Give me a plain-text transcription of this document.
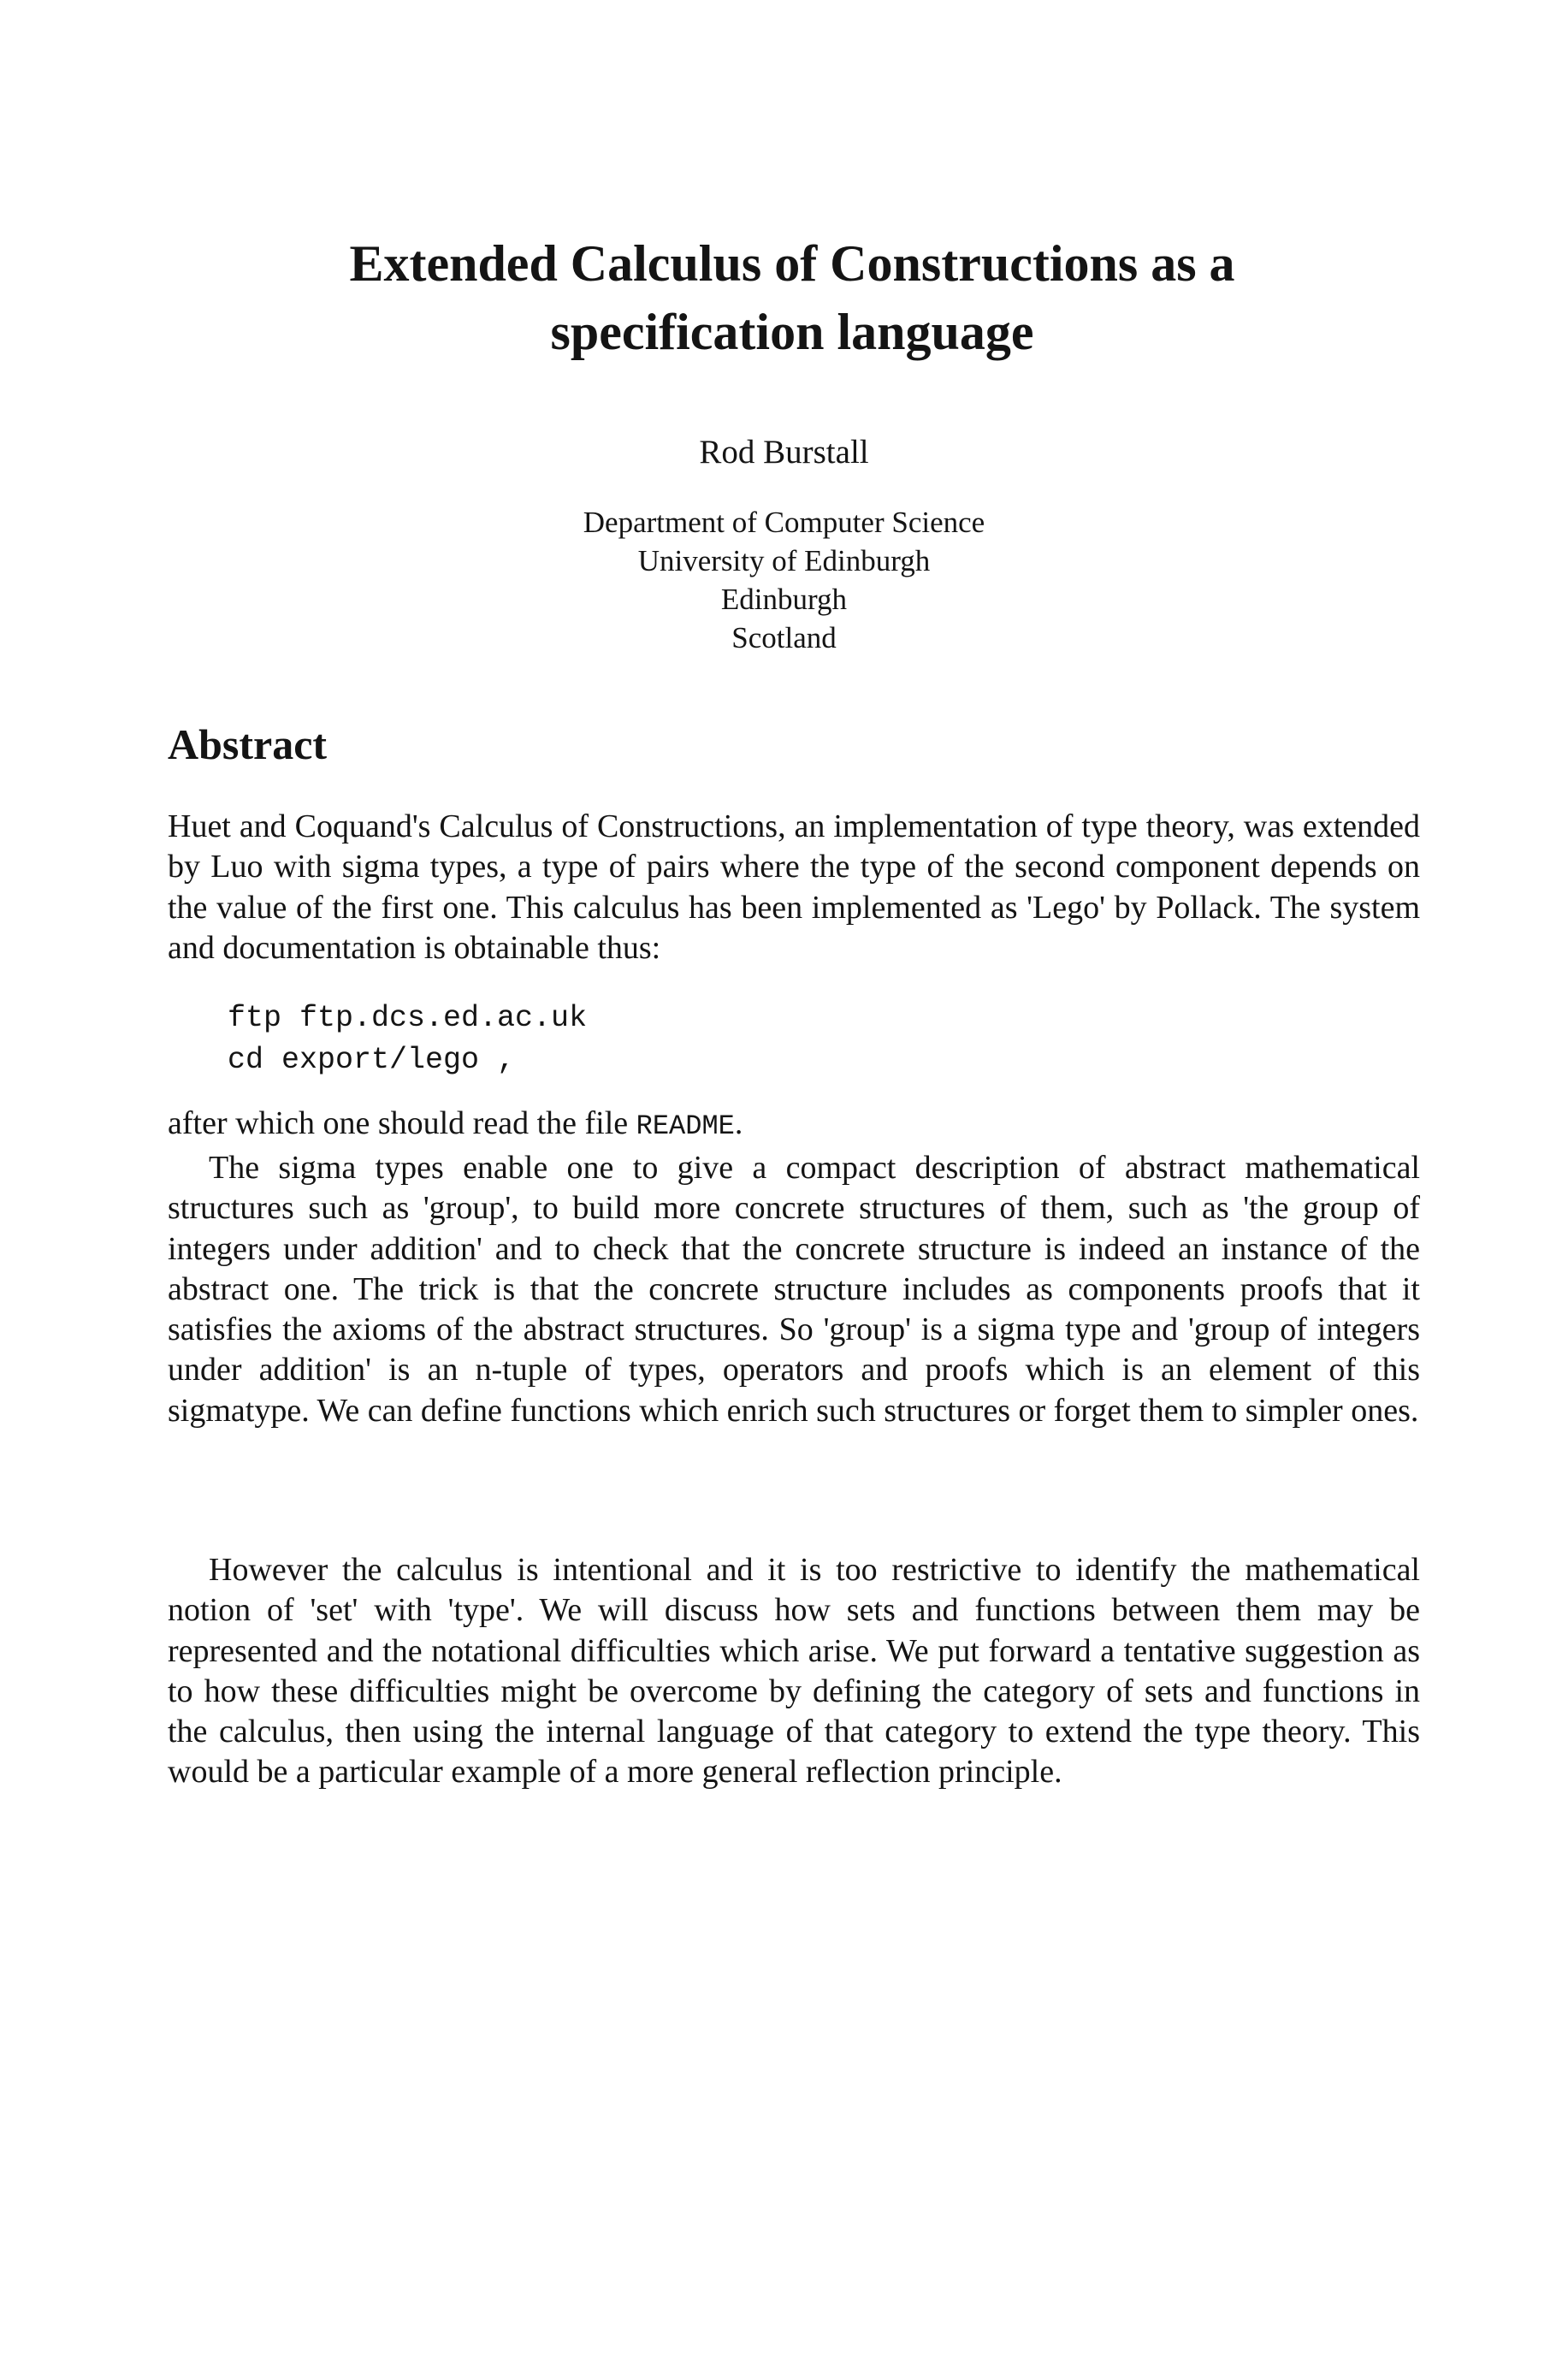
Extended Calculus of Constructions as a
specification language

Rod Burstall

Department of Computer Science
University of Edinburgh
Edinburgh
Scotland
Abstract

Huet and Coquand's Calculus of Constructions, an implementation of type theory, was extended by Luo with sigma types, a type of pairs where the type of the second component depends on the value of the first one. This calculus has been implemented as 'Lego' by Pollack. The system and documentation is obtainable thus:

ftp ftp.dcs.ed.ac.uk
cd export/lego ,

after which one should read the file README.

The sigma types enable one to give a compact description of abstract mathematical structures such as 'group', to build more concrete structures of them, such as 'the group of integers under addition' and to check that the concrete structure is indeed an instance of the abstract one. The trick is that the concrete structure includes as components proofs that it satisfies the axioms of the abstract structures. So 'group' is a sigma type and 'group of integers under addition' is an n-tuple of types, operators and proofs which is an element of this sigmatype. We can define functions which enrich such structures or forget them to simpler ones.

However the calculus is intentional and it is too restrictive to identify the mathematical notion of 'set' with 'type'. We will discuss how sets and functions between them may be represented and the notational difficulties which arise. We put forward a tentative suggestion as to how these difficulties might be overcome by defining the category of sets and functions in the calculus, then using the internal language of that category to extend the type theory. This would be a particular example of a more general reflection principle.
